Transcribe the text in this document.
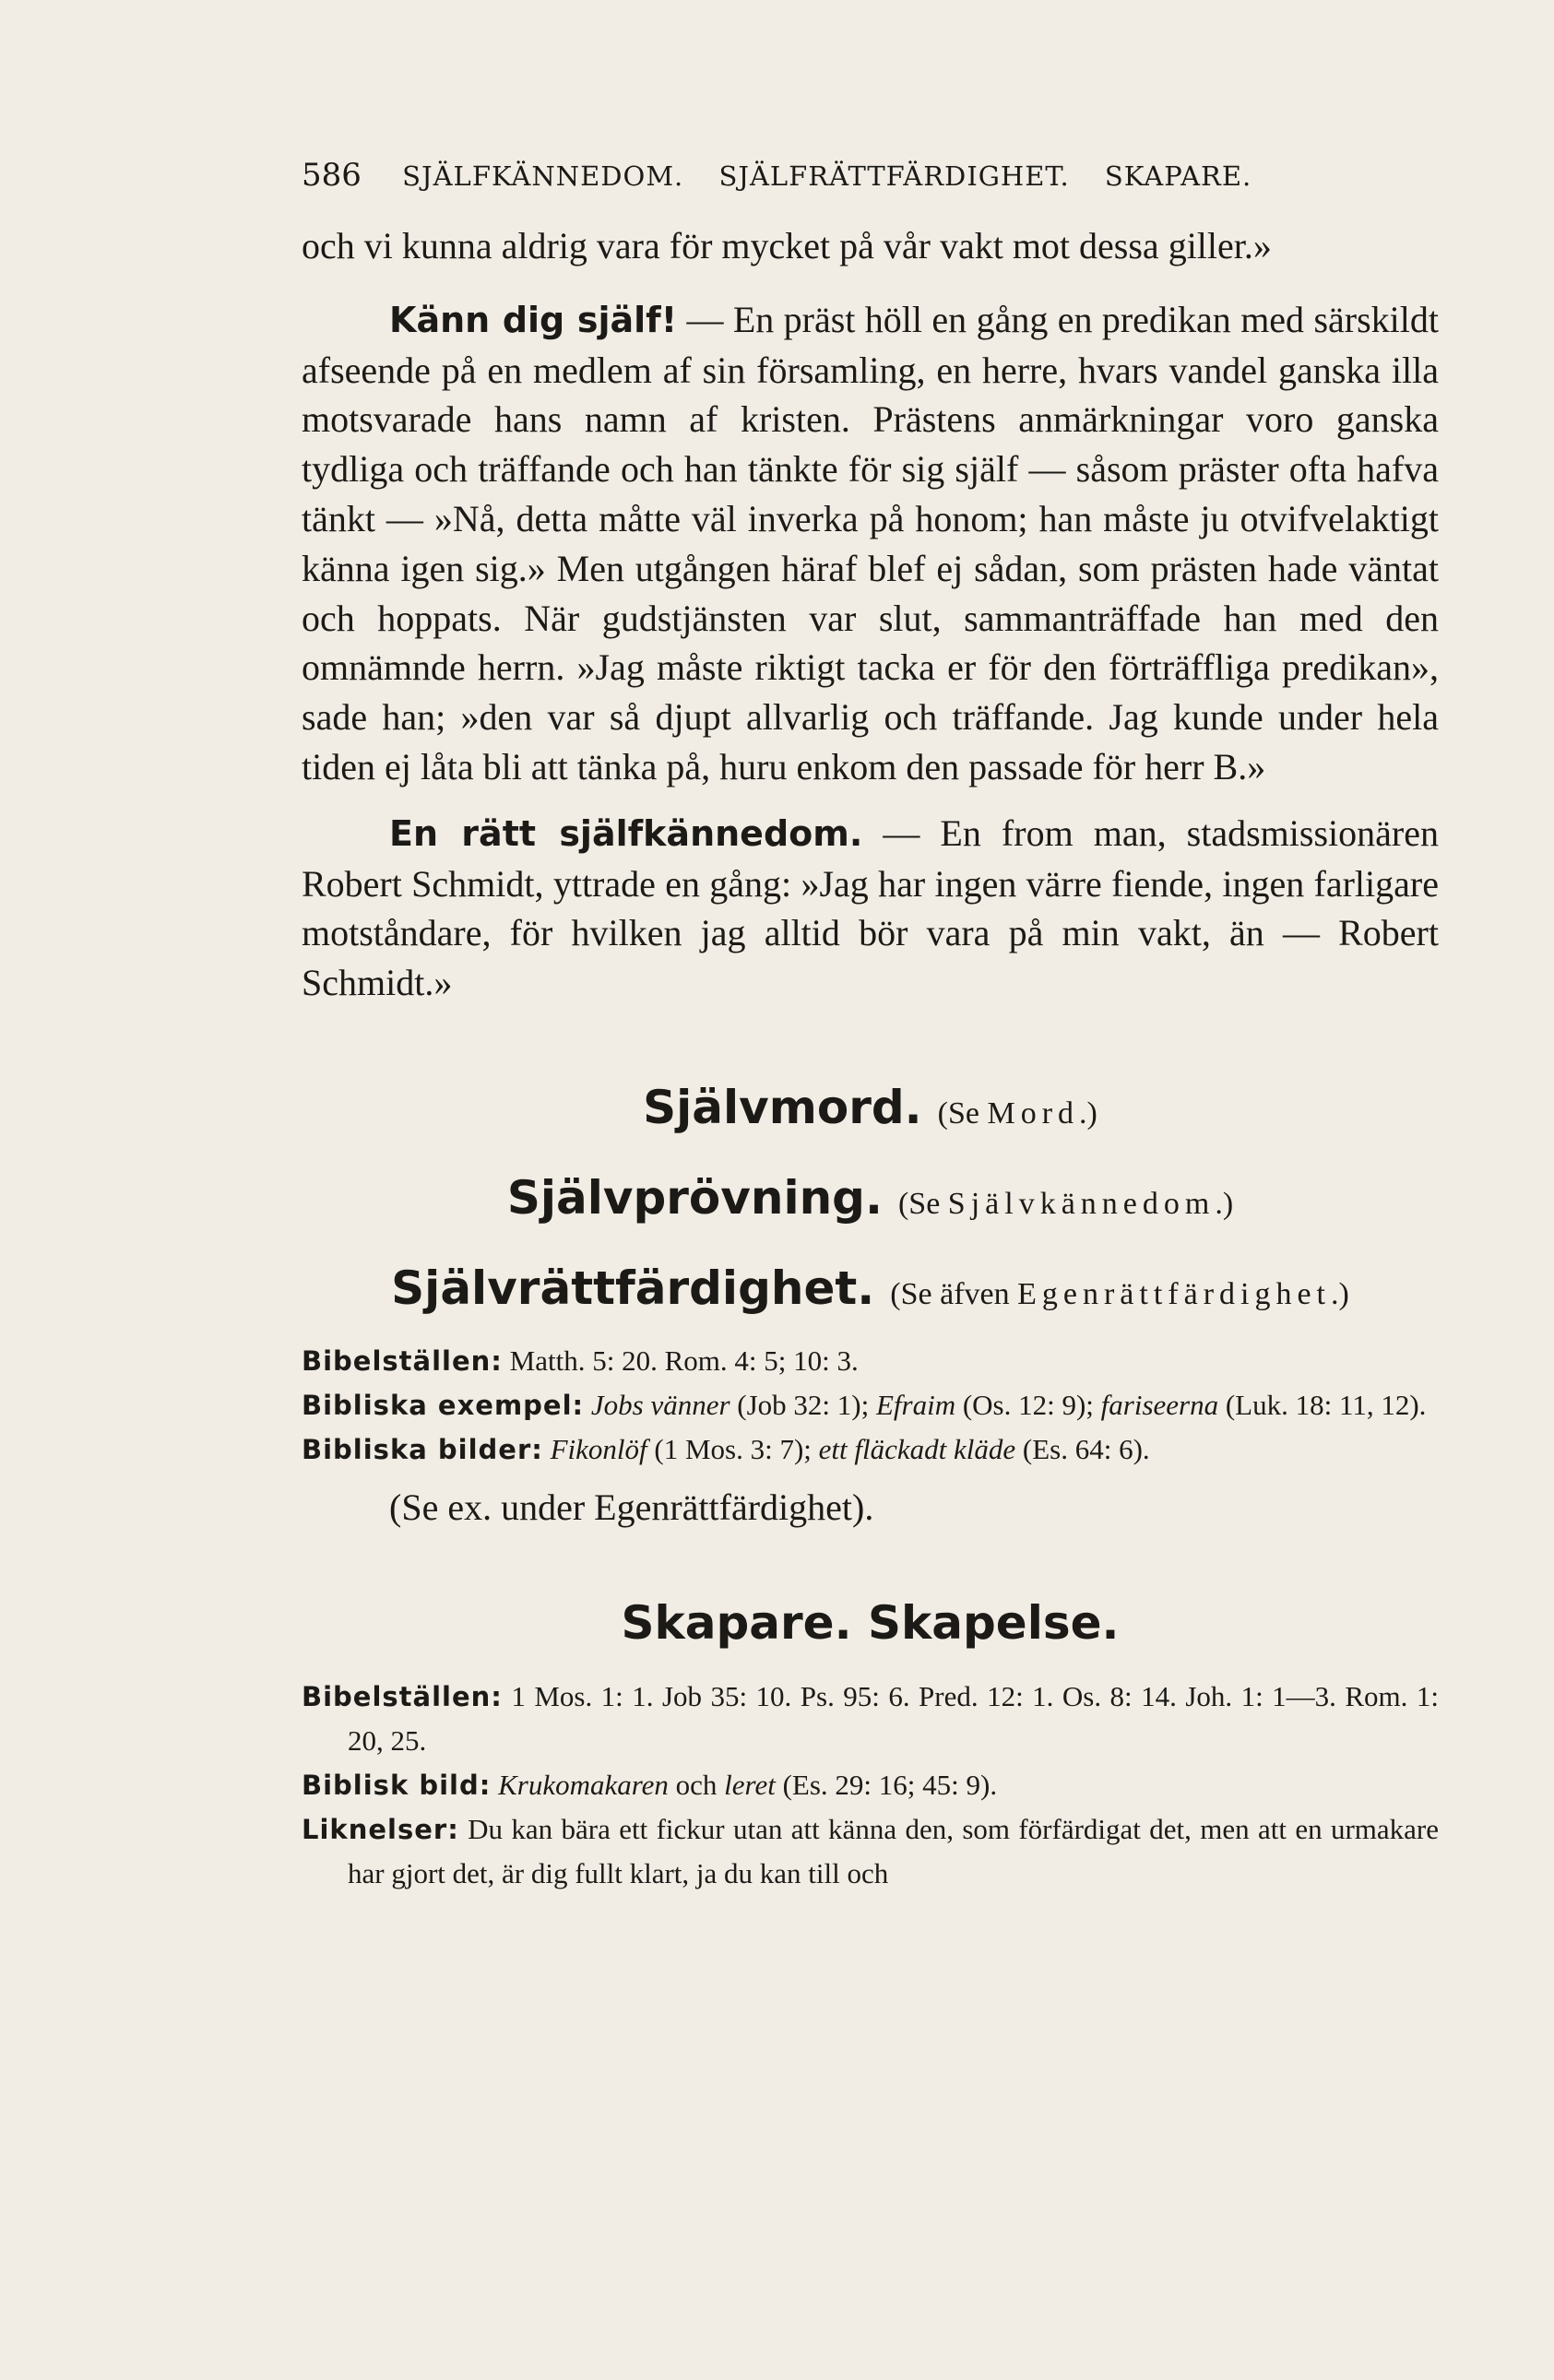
586 SJÄLFKÄNNEDOM. SJÄLFRÄTTFÄRDIGHET. SKAPARE.

och vi kunna aldrig vara för mycket på vår vakt mot dessa giller.»

Känn dig själf! — En präst höll en gång en predikan med särskildt afseende på en medlem af sin församling, en herre, hvars vandel ganska illa motsvarade hans namn af kristen. Prästens anmärkningar voro ganska tydliga och träffande och han tänkte för sig själf — såsom präster ofta hafva tänkt — »Nå, detta måtte väl inverka på honom; han måste ju otvifvelaktigt känna igen sig.» Men utgången häraf blef ej sådan, som prästen hade väntat och hoppats. När gudstjänsten var slut, sammanträffade han med den omnämnde herrn. »Jag måste riktigt tacka er för den förträffliga predikan», sade han; »den var så djupt allvarlig och träffande. Jag kunde under hela tiden ej låta bli att tänka på, huru enkom den passade för herr B.»

En rätt själfkännedom. — En from man, stadsmissionären Robert Schmidt, yttrade en gång: »Jag har ingen värre fiende, ingen farligare motståndare, för hvilken jag alltid bör vara på min vakt, än — Robert Schmidt.»

Självmord. (Se Mord.)
Självprövning. (Se Självkännedom.)
Självrättfärdighet. (Se äfven Egenrättfärdighet.)

Bibelställen: Matth. 5: 20. Rom. 4: 5; 10: 3.

Bibliska exempel: Jobs vänner (Job 32: 1); Efraim (Os. 12: 9); fariseerna (Luk. 18: 11, 12).

Bibliska bilder: Fikonlöf (1 Mos. 3: 7); ett fläckadt kläde (Es. 64: 6).

(Se ex. under Egenrättfärdighet).

Skapare. Skapelse.

Bibelställen: 1 Mos. 1: 1. Job 35: 10. Ps. 95: 6. Pred. 12: 1. Os. 8: 14. Joh. 1: 1—3. Rom. 1: 20, 25.

Biblisk bild: Krukomakaren och leret (Es. 29: 16; 45: 9).

Liknelser: Du kan bära ett fickur utan att känna den, som förfärdigat det, men att en urmakare har gjort det, är dig fullt klart, ja du kan till och
